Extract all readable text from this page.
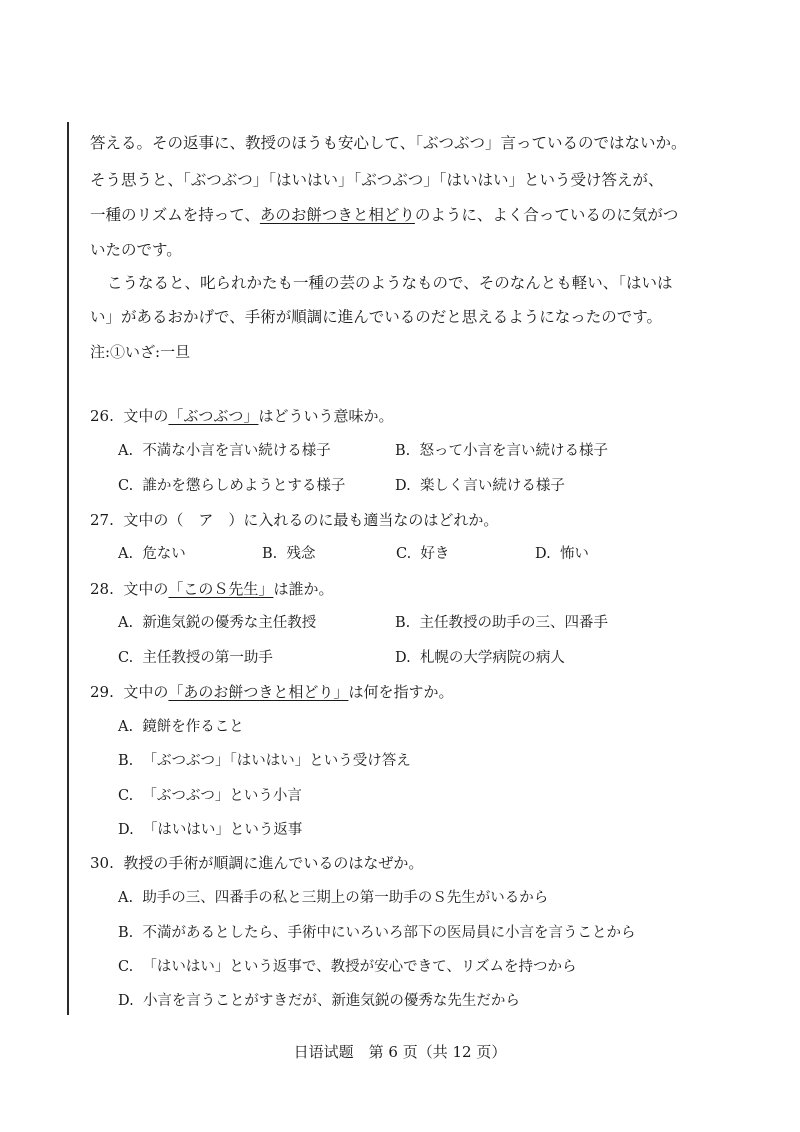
答える。その返事に、教授のほうも安心して、「ぶつぶつ」言っているのではないか。
そう思うと、「ぶつぶつ」「はいはい」「ぶつぶつ」「はいはい」という受け答えが、
一種のリズムを持って、あのお餅つきと相どりのように、よく合っているのに気がつ
いたのです。
こうなると、叱られかたも一種の芸のようなもので、そのなんとも軽い、「はいは
い」があるおかげで、手術が順調に進んでいるのだと思えるようになったのです。
注:①いざ:一旦
26. 文中の「ぶつぶつ」はどういう意味か。
A. 不満な小言を言い続ける様子	B. 怒って小言を言い続ける様子
C. 誰かを懲らしめようとする様子	D. 楽しく言い続ける様子
27. 文中の（　ア　）に入れるのに最も適当なのはどれか。
A. 危ない	B. 残念	C. 好き	D. 怖い
28. 文中の「このＳ先生」は誰か。
A. 新進気鋭の優秀な主任教授	B. 主任教授の助手の三、四番手
C. 主任教授の第一助手	D. 札幌の大学病院の病人
29. 文中の「あのお餅つきと相どり」は何を指すか。
A. 鏡餅を作ること
B. 「ぶつぶつ」「はいはい」という受け答え
C. 「ぶつぶつ」という小言
D. 「はいはい」という返事
30. 教授の手術が順調に進んでいるのはなぜか。
A. 助手の三、四番手の私と三期上の第一助手のＳ先生がいるから
B. 不満があるとしたら、手術中にいろいろ部下の医局員に小言を言うことから
C. 「はいはい」という返事で、教授が安心できて、リズムを持つから
D. 小言を言うことがすきだが、新進気鋭の優秀な先生だから
日语试题　第 6 页（共 12 页）
